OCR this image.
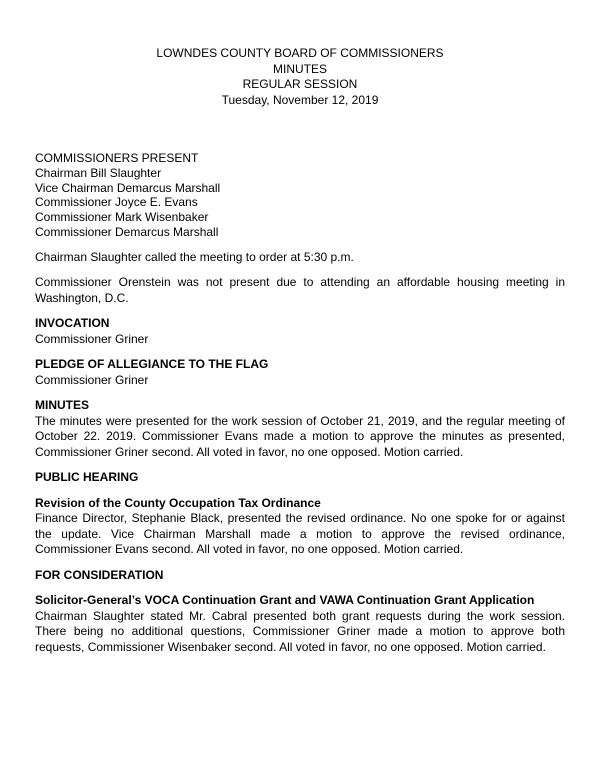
LOWNDES COUNTY BOARD OF COMMISSIONERS
MINUTES
REGULAR SESSION
Tuesday, November 12, 2019
COMMISSIONERS PRESENT
Chairman Bill Slaughter
Vice Chairman Demarcus Marshall
Commissioner Joyce E. Evans
Commissioner Mark Wisenbaker
Commissioner Demarcus Marshall

Chairman Slaughter called the meeting to order at 5:30 p.m.

Commissioner Orenstein was not present due to attending an affordable housing meeting in Washington, D.C.

INVOCATION

Commissioner Griner

PLEDGE OF ALLEGIANCE TO THE FLAG

Commissioner Griner

MINUTES

The minutes were presented for the work session of October 21, 2019, and the regular meeting of October 22. 2019. Commissioner Evans made a motion to approve the minutes as presented, Commissioner Griner second. All voted in favor, no one opposed. Motion carried.

PUBLIC HEARING
Revision of the County Occupation Tax Ordinance

Finance Director, Stephanie Black, presented the revised ordinance. No one spoke for or against the update. Vice Chairman Marshall made a motion to approve the revised ordinance, Commissioner Evans second. All voted in favor, no one opposed. Motion carried.

FOR CONSIDERATION
Solicitor-General’s VOCA Continuation Grant and VAWA Continuation Grant Application

Chairman Slaughter stated Mr. Cabral presented both grant requests during the work session. There being no additional questions, Commissioner Griner made a motion to approve both requests, Commissioner Wisenbaker second. All voted in favor, no one opposed. Motion carried.
